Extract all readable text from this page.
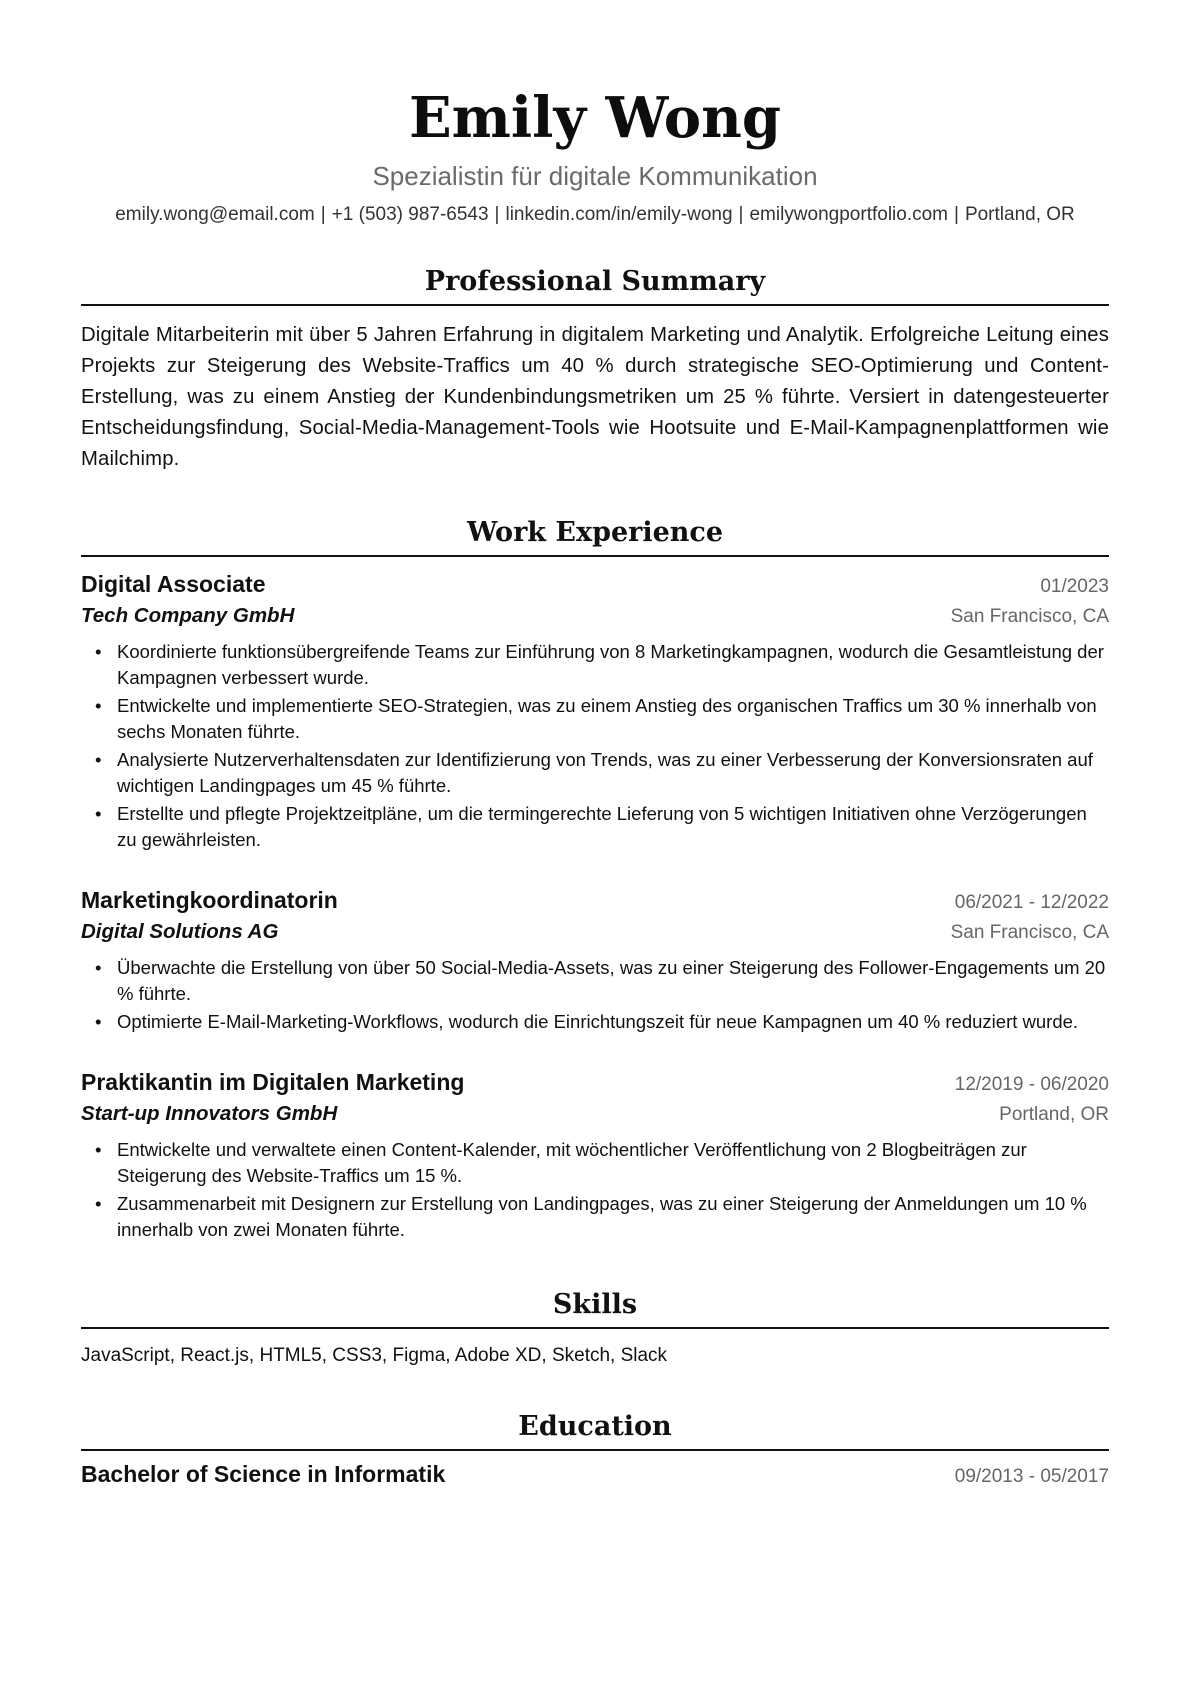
Emily Wong
Spezialistin für digitale Kommunikation
emily.wong@email.com | +1 (503) 987-6543 | linkedin.com/in/emily-wong | emilywongportfolio.com | Portland, OR
Professional Summary

Digitale Mitarbeiterin mit über 5 Jahren Erfahrung in digitalem Marketing und Analytik. Erfolgreiche Leitung eines Projekts zur Steigerung des Website-Traffics um 40 % durch strategische SEO-Optimierung und Content-Erstellung, was zu einem Anstieg der Kundenbindungsmetriken um 25 % führte. Versiert in datengesteuerter Entscheidungsfindung, Social-Media-Management-Tools wie Hootsuite und E-Mail-Kampagnenplattformen wie Mailchimp.

Work Experience
Digital Associate	01/2023
Tech Company GmbH	San Francisco, CA
• Koordinierte funktionsübergreifende Teams zur Einführung von 8 Marketingkampagnen, wodurch die Gesamtleistung der Kampagnen verbessert wurde.
• Entwickelte und implementierte SEO-Strategien, was zu einem Anstieg des organischen Traffics um 30 % innerhalb von sechs Monaten führte.
• Analysierte Nutzerverhaltensdaten zur Identifizierung von Trends, was zu einer Verbesserung der Konversionsraten auf wichtigen Landingpages um 45 % führte.
• Erstellte und pflegte Projektzeitpläne, um die termingerechte Lieferung von 5 wichtigen Initiativen ohne Verzögerungen zu gewährleisten.
Marketingkoordinatorin	06/2021 - 12/2022
Digital Solutions AG	San Francisco, CA
• Überwachte die Erstellung von über 50 Social-Media-Assets, was zu einer Steigerung des Follower-Engagements um 20 % führte.
• Optimierte E-Mail-Marketing-Workflows, wodurch die Einrichtungszeit für neue Kampagnen um 40 % reduziert wurde.
Praktikantin im Digitalen Marketing	12/2019 - 06/2020
Start-up Innovators GmbH	Portland, OR
• Entwickelte und verwaltete einen Content-Kalender, mit wöchentlicher Veröffentlichung von 2 Blogbeiträgen zur Steigerung des Website-Traffics um 15 %.
• Zusammenarbeit mit Designern zur Erstellung von Landingpages, was zu einer Steigerung der Anmeldungen um 10 % innerhalb von zwei Monaten führte.
Skills

JavaScript, React.js, HTML5, CSS3, Figma, Adobe XD, Sketch, Slack

Education
Bachelor of Science in Informatik	09/2013 - 05/2017
